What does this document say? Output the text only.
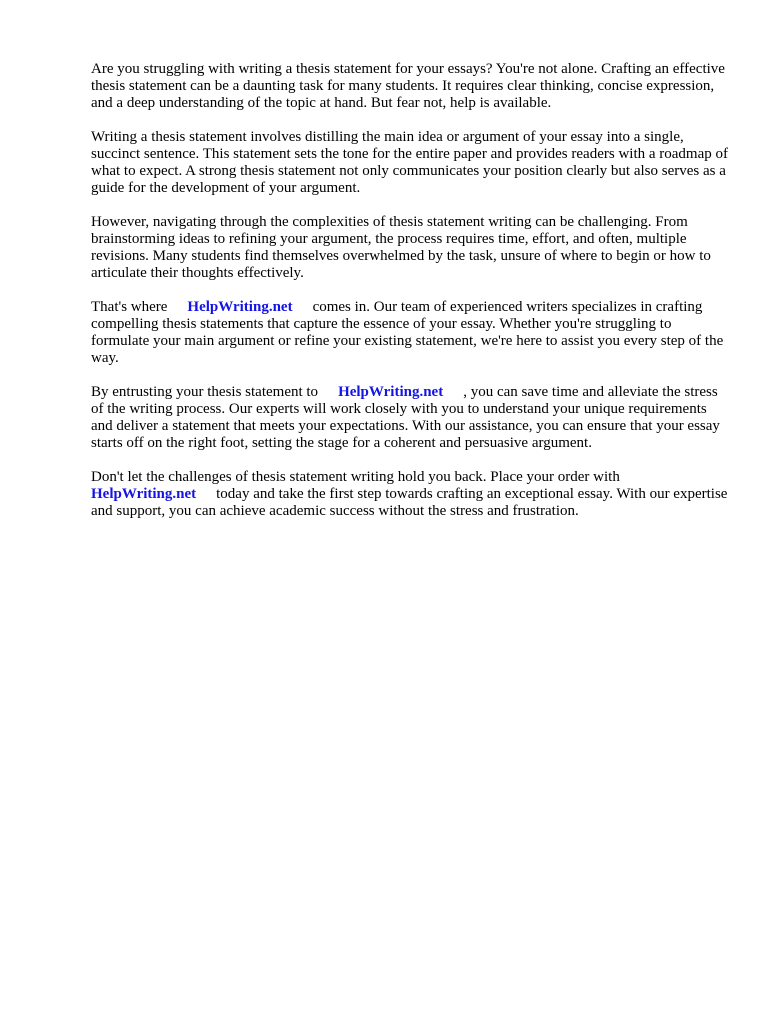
Are you struggling with writing a thesis statement for your essays? You're not alone. Crafting an effective thesis statement can be a daunting task for many students. It requires clear thinking, concise expression, and a deep understanding of the topic at hand. But fear not, help is available.

Writing a thesis statement involves distilling the main idea or argument of your essay into a single, succinct sentence. This statement sets the tone for the entire paper and provides readers with a roadmap of what to expect. A strong thesis statement not only communicates your position clearly but also serves as a guide for the development of your argument.

However, navigating through the complexities of thesis statement writing can be challenging. From brainstorming ideas to refining your argument, the process requires time, effort, and often, multiple revisions. Many students find themselves overwhelmed by the task, unsure of where to begin or how to articulate their thoughts effectively.

That's where HelpWriting.net comes in. Our team of experienced writers specializes in crafting compelling thesis statements that capture the essence of your essay. Whether you're struggling to formulate your main argument or refine your existing statement, we're here to assist you every step of the way.

By entrusting your thesis statement to HelpWriting.net , you can save time and alleviate the stress of the writing process. Our experts will work closely with you to understand your unique requirements and deliver a statement that meets your expectations. With our assistance, you can ensure that your essay starts off on the right foot, setting the stage for a coherent and persuasive argument.

Don't let the challenges of thesis statement writing hold you back. Place your order with HelpWriting.net today and take the first step towards crafting an exceptional essay. With our expertise and support, you can achieve academic success without the stress and frustration.
